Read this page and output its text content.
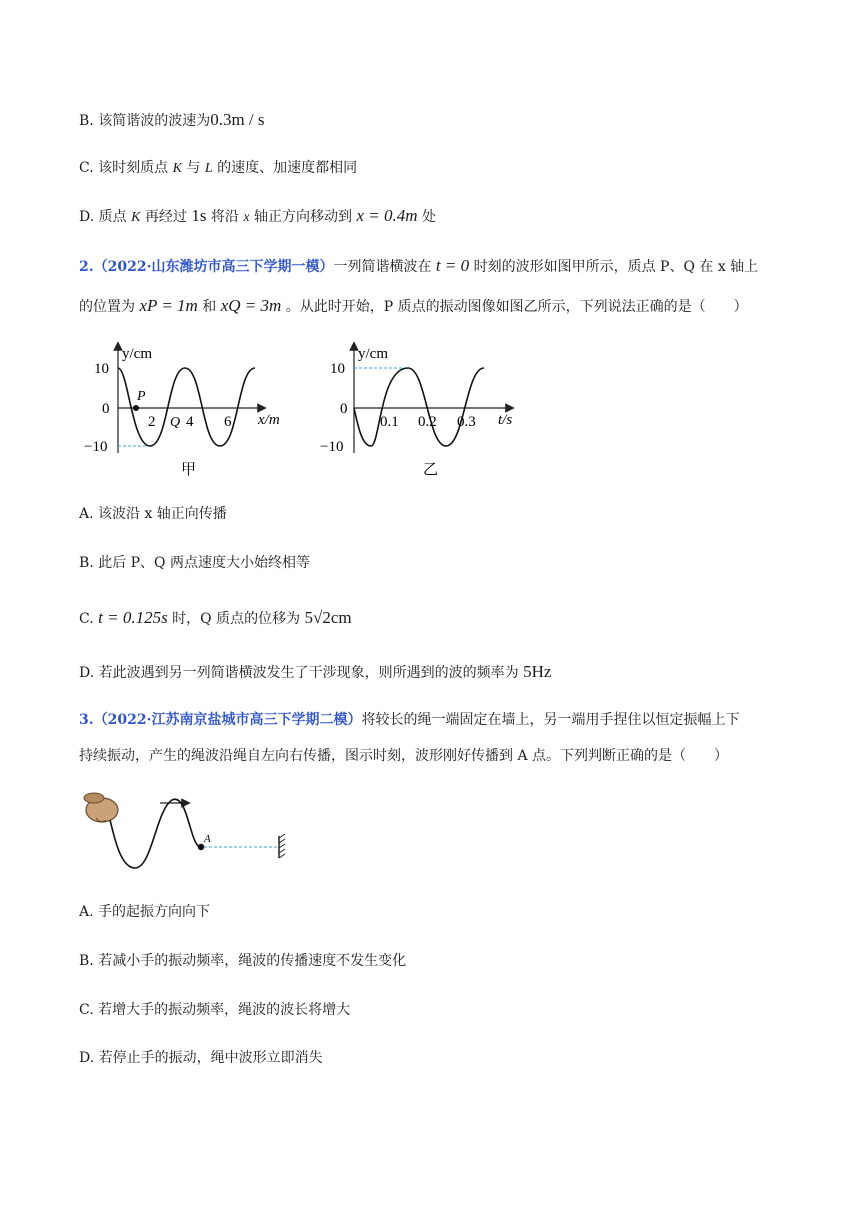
B. 该简谐波的波速为0.3m / s
C. 该时刻质点 K 与 L 的速度、加速度都相同
D. 质点 K 再经过 1s 将沿 x 轴正方向移动到 x = 0.4m 处
2.（2022·山东潍坊市高三下学期一模）一列简谐横波在 t = 0 时刻的波形如图甲所示，质点 P、Q 在 x 轴上
的位置为 xP = 1m 和 xQ = 3m 。从此时开始，P 质点的振动图像如图乙所示，下列说法正确的是（　　）
P
y/cm
x/m
10
0
−10
2 Q 4 6
甲
y/cm
t/s
10
0
−10
0.1 0.2 0.3
乙
A. 该波沿 x 轴正向传播
B. 此后 P、Q 两点速度大小始终相等
C. t = 0.125s 时，Q 质点的位移为 5√2cm
D. 若此波遇到另一列简谐横波发生了干涉现象，则所遇到的波的频率为 5Hz
3.（2022·江苏南京盐城市高三下学期二模）将较长的绳一端固定在墙上，另一端用手捏住以恒定振幅上下
持续振动，产生的绳波沿绳自左向右传播，图示时刻，波形刚好传播到 A 点。下列判断正确的是（　　）
A
A. 手的起振方向向下
B. 若减小手的振动频率，绳波的传播速度不发生变化
C. 若增大手的振动频率，绳波的波长将增大
D. 若停止手的振动，绳中波形立即消失
